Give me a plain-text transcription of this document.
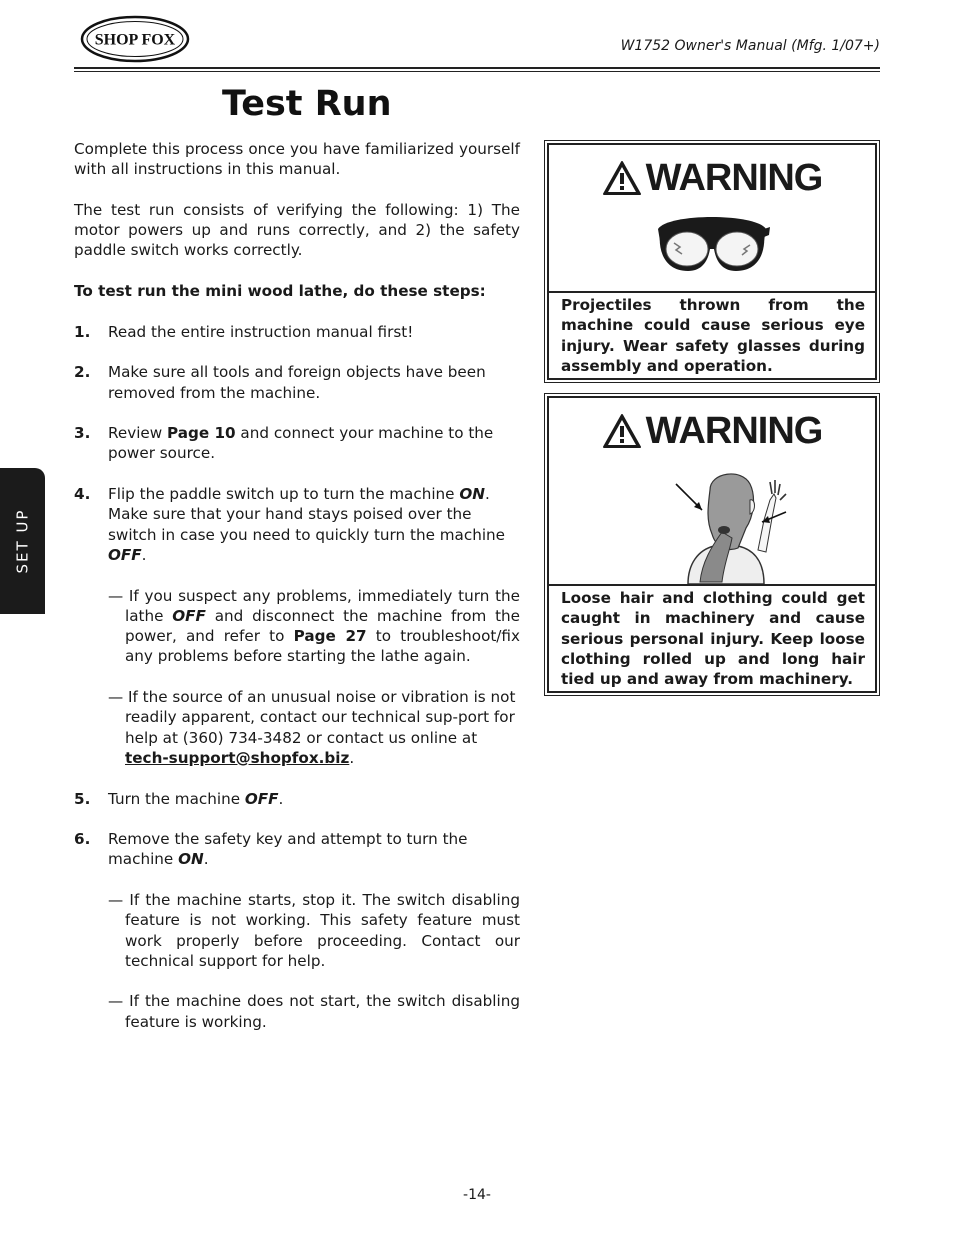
SHOP FOX	W1752 Owner's Manual (Mfg. 1/07+)
Test Run
SET UP

Complete this process once you have familiarized yourself with all instructions in this manual.

The test run consists of verifying the following: 1) The motor powers up and runs correctly, and 2) the safety paddle switch works correctly.

To test run the mini wood lathe, do these steps:

1.	Read the entire instruction manual first!
2.	Make sure all tools and foreign objects have been removed from the machine.
3.	Review Page 10 and connect your machine to the power source.
4.	Flip the paddle switch up to turn the machine ON. Make sure that your hand stays poised over the switch in case you need to quickly turn the machine OFF.
— If you suspect any problems, immediately turn the lathe OFF and disconnect the machine from the power, and refer to Page 27 to troubleshoot/fix any problems before starting the lathe again.
— If the source of an unusual noise or vibration is not readily apparent, contact our technical sup-port for help at (360) 734-3482 or contact us online at tech-support@shopfox.biz.
5.	Turn the machine OFF.
6.	Remove the safety key and attempt to turn the machine ON.
— If the machine starts, stop it. The switch disabling feature is not working. This safety feature must work properly before proceeding. Contact our technical support for help.
— If the machine does not start, the switch disabling feature is working.
WARNING
Projectiles thrown from the machine could cause serious eye injury. Wear safety glasses during assembly and operation.
WARNING
Loose hair and clothing could get caught in machinery and cause serious personal injury. Keep loose clothing rolled up and long hair tied up and away from machinery.
-14-
